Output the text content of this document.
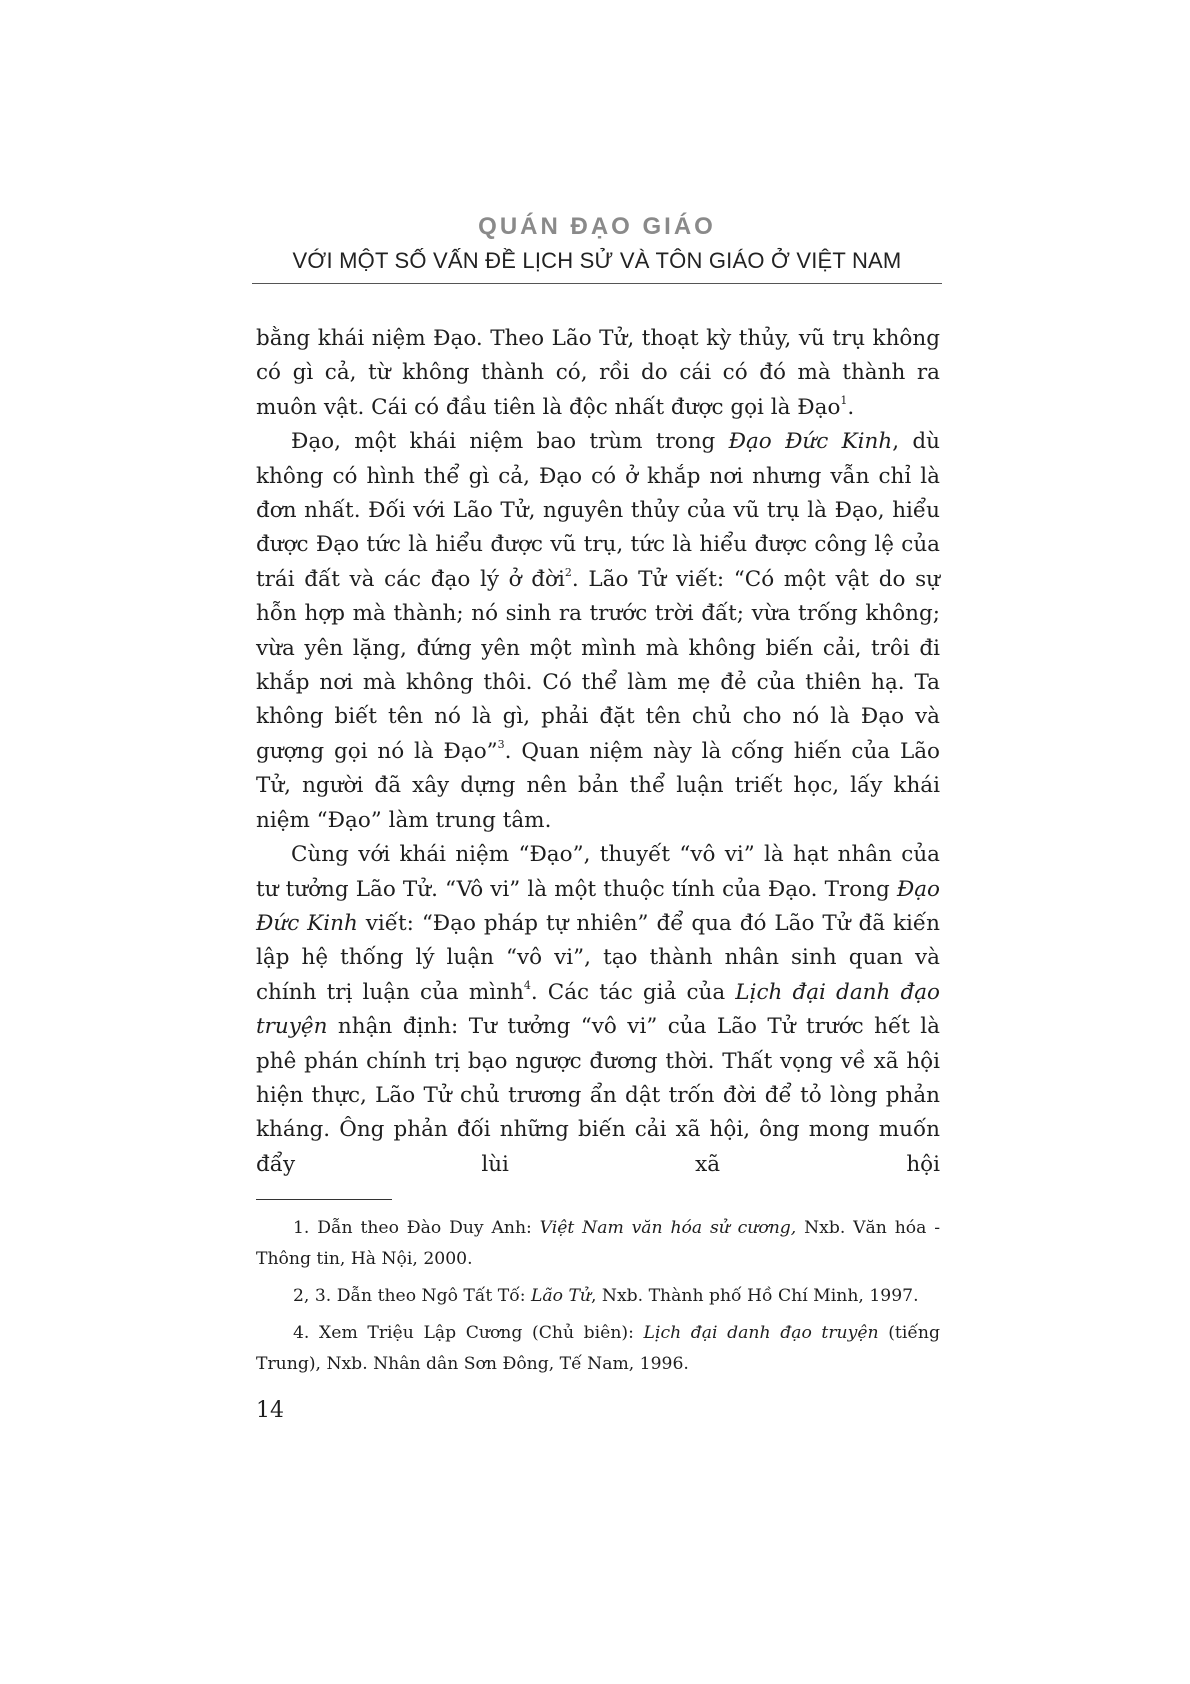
QUÁN ĐẠO GIÁO
VỚI MỘT SỐ VẤN ĐỀ LỊCH SỬ VÀ TÔN GIÁO Ở VIỆT NAM

bằng khái niệm Đạo. Theo Lão Tử, thoạt kỳ thủy, vũ trụ không có gì cả, từ không thành có, rồi do cái có đó mà thành ra muôn vật. Cái có đầu tiên là độc nhất được gọi là Đạo$^1$.

Đạo, một khái niệm bao trùm trong Đạo Đức Kinh, dù không có hình thể gì cả, Đạo có ở khắp nơi nhưng vẫn chỉ là đơn nhất. Đối với Lão Tử, nguyên thủy của vũ trụ là Đạo, hiểu được Đạo tức là hiểu được vũ trụ, tức là hiểu được công lệ của trái đất và các đạo lý ở đời$^2$. Lão Tử viết: “Có một vật do sự hỗn hợp mà thành; nó sinh ra trước trời đất; vừa trống không; vừa yên lặng, đứng yên một mình mà không biến cải, trôi đi khắp nơi mà không thôi. Có thể làm mẹ đẻ của thiên hạ. Ta không biết tên nó là gì, phải đặt tên chủ cho nó là Đạo và gượng gọi nó là Đạo”$^3$. Quan niệm này là cống hiến của Lão Tử, người đã xây dựng nên bản thể luận triết học, lấy khái niệm “Đạo” làm trung tâm.

Cùng với khái niệm “Đạo”, thuyết “vô vi” là hạt nhân của tư tưởng Lão Tử. “Vô vi” là một thuộc tính của Đạo. Trong Đạo Đức Kinh viết: “Đạo pháp tự nhiên” để qua đó Lão Tử đã kiến lập hệ thống lý luận “vô vi”, tạo thành nhân sinh quan và chính trị luận của mình$^4$. Các tác giả của Lịch đại danh đạo truyện nhận định: Tư tưởng “vô vi” của Lão Tử trước hết là phê phán chính trị bạo ngược đương thời. Thất vọng về xã hội hiện thực, Lão Tử chủ trương ẩn dật trốn đời để tỏ lòng phản kháng. Ông phản đối những biến cải xã hội, ông mong muốn đẩy lùi xã hội

1. Dẫn theo Đào Duy Anh: Việt Nam văn hóa sử cương, Nxb. Văn hóa - Thông tin, Hà Nội, 2000.

2, 3. Dẫn theo Ngô Tất Tố: Lão Tử, Nxb. Thành phố Hồ Chí Minh, 1997.

4. Xem Triệu Lập Cương (Chủ biên): Lịch đại danh đạo truyện (tiếng Trung), Nxb. Nhân dân Sơn Đông, Tế Nam, 1996.

14
